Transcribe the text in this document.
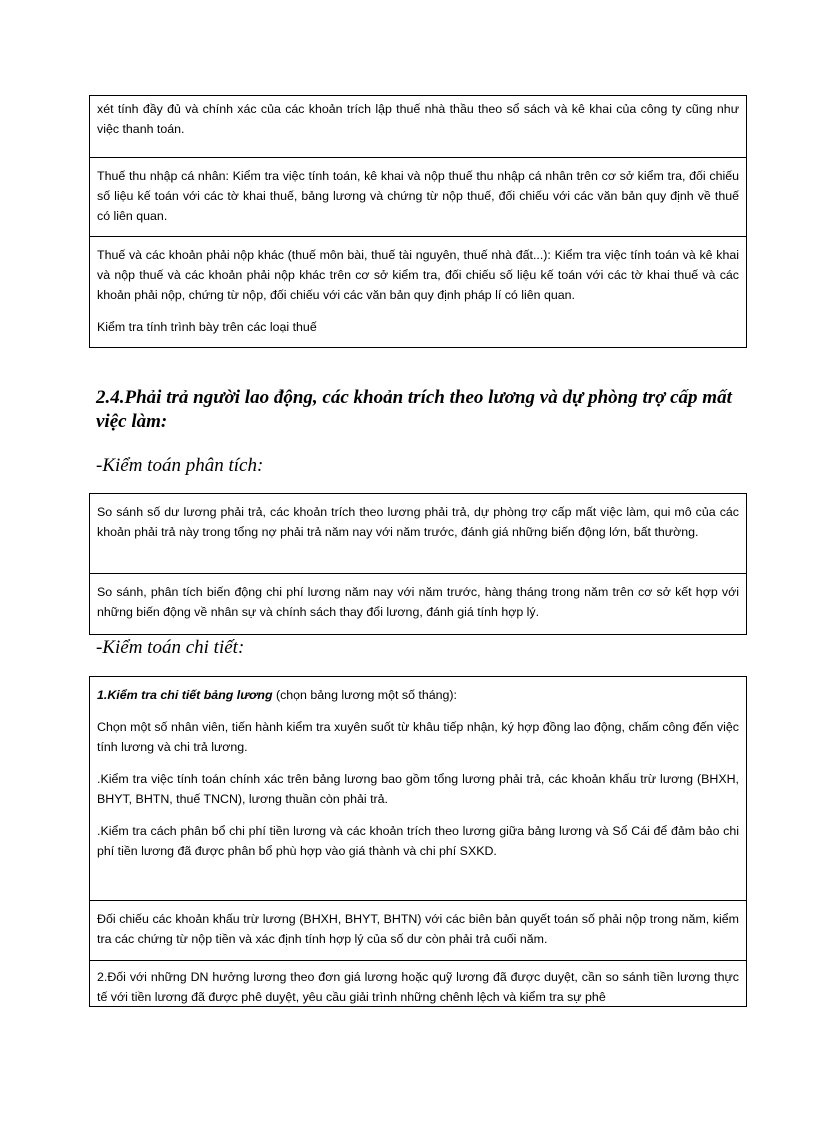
xét tính đầy đủ và chính xác của các khoản trích lập thuế nhà thầu theo sổ sách và kê khai của công ty cũng như việc thanh toán.

Thuế thu nhập cá nhân: Kiểm tra việc tính toán, kê khai và nộp thuế thu nhập cá nhân trên cơ sở kiểm tra, đối chiếu số liệu kế toán với các tờ khai thuế, bảng lương và chứng từ nộp thuế, đối chiếu với các văn bản quy định về thuế có liên quan.

Thuế và các khoản phải nộp khác (thuế môn bài, thuế tài nguyên, thuế nhà đất...): Kiểm tra việc tính toán và kê khai và nộp thuế và các khoản phải nộp khác trên cơ sở kiểm tra, đối chiếu số liệu kế toán với các tờ khai thuế và các khoản phải nộp, chứng từ nộp, đối chiếu với các văn bản quy định pháp lí có liên quan.

Kiểm tra tính trình bày trên các loại thuế

2.4.Phải trả người lao động, các khoản trích theo lương và dự phòng trợ cấp mất việc làm:
-Kiểm toán phân tích:

So sánh số dư lương phải trả, các khoản trích theo lương phải trả, dự phòng trợ cấp mất việc làm, qui mô của các khoản phải trả này trong tổng nợ phải trả năm nay với năm trước, đánh giá những biến động lớn, bất thường.

So sánh, phân tích biến động chi phí lương năm nay với năm trước, hàng tháng trong năm trên cơ sở kết hợp với những biến động về nhân sự và chính sách thay đổi lương, đánh giá tính hợp lý.

-Kiểm toán chi tiết:

1.Kiểm tra chi tiết bảng lương (chọn bảng lương một số tháng):

Chọn một số nhân viên, tiến hành kiểm tra xuyên suốt từ khâu tiếp nhận, ký hợp đồng lao động, chấm công đến việc tính lương và chi trả lương.

.Kiểm tra việc tính toán chính xác trên bảng lương bao gồm tổng lương phải trả, các khoản khấu trừ lương (BHXH, BHYT, BHTN, thuế TNCN), lương thuần còn phải trả.

.Kiểm tra cách phân bổ chi phí tiền lương và các khoản trích theo lương giữa bảng lương và Sổ Cái để đảm bảo chi phí tiền lương đã được phân bổ phù hợp vào giá thành và chi phí SXKD.

Đối chiếu các khoản khấu trừ lương (BHXH, BHYT, BHTN) với các biên bản quyết toán số phải nộp trong năm, kiểm tra các chứng từ nộp tiền và xác định tính hợp lý của số dư còn phải trả cuối năm.

2.Đối với những DN hưởng lương theo đơn giá lương hoặc quỹ lương đã được duyệt, cần so sánh tiền lương thực tế với tiền lương đã được phê duyệt, yêu cầu giải trình những chênh lệch và kiểm tra sự phê
